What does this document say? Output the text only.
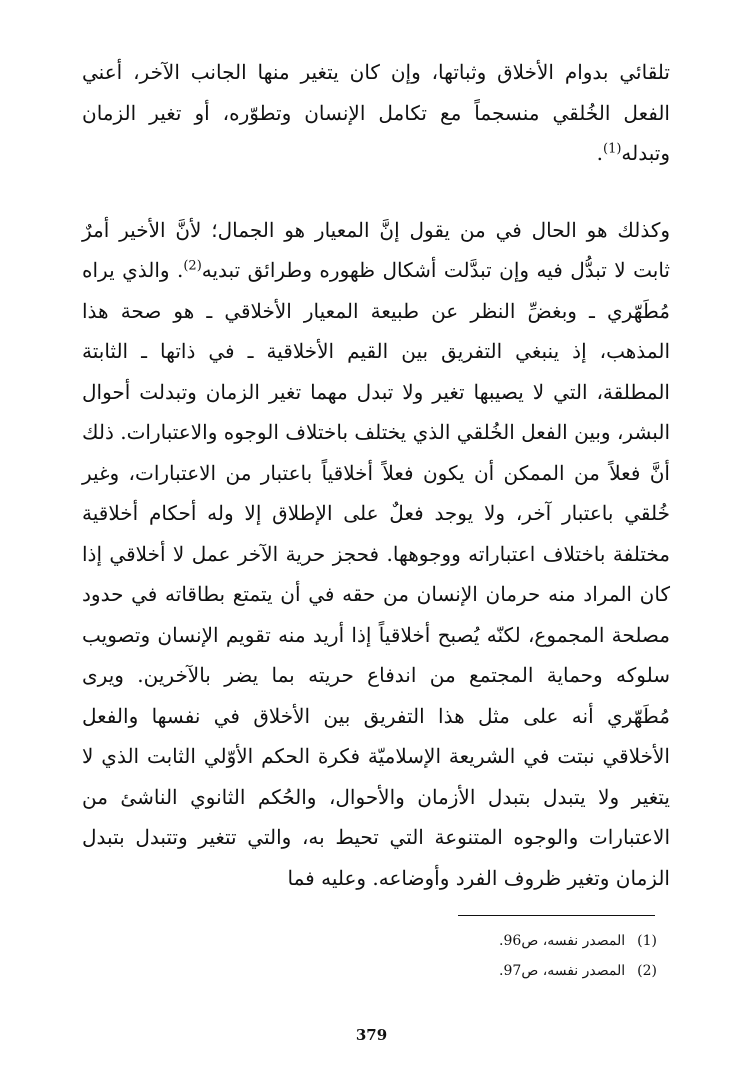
تلقائي بدوام الأخلاق وثباتها، وإن كان يتغير منها الجانب الآخر، أعني الفعل الخُلقي منسجماً مع تكامل الإنسان وتطوّره، أو تغير الزمان وتبدله$^{(1)}$.

وكذلك هو الحال في من يقول إنَّ المعيار هو الجمال؛ لأنَّ الأخير أمرٌ ثابت لا تبدُّل فيه وإن تبدَّلت أشكال ظهوره وطرائق تبديه$^{(2)}$. والذي يراه مُطَهّري ـ وبغضِّ النظر عن طبيعة المعيار الأخلاقي ـ هو صحة هذا المذهب، إذ ينبغي التفريق بين القيم الأخلاقية ـ في ذاتها ـ الثابتة المطلقة، التي لا يصيبها تغير ولا تبدل مهما تغير الزمان وتبدلت أحوال البشر، وبين الفعل الخُلقي الذي يختلف باختلاف الوجوه والاعتبارات. ذلك أنَّ فعلاً من الممكن أن يكون فعلاً أخلاقياً باعتبار من الاعتبارات، وغير خُلقي باعتبار آخر، ولا يوجد فعلٌ على الإطلاق إلا وله أحكام أخلاقية مختلفة باختلاف اعتباراته ووجوهها. فحجز حرية الآخر عمل لا أخلاقي إذا كان المراد منه حرمان الإنسان من حقه في أن يتمتع بطاقاته في حدود مصلحة المجموع، لكنّه يُصبح أخلاقياً إذا أريد منه تقويم الإنسان وتصويب سلوكه وحماية المجتمع من اندفاع حريته بما يضر بالآخرين. ويرى مُطَهّري أنه على مثل هذا التفريق بين الأخلاق في نفسها والفعل الأخلاقي نبتت في الشريعة الإسلاميّة فكرة الحكم الأوّلي الثابت الذي لا يتغير ولا يتبدل بتبدل الأزمان والأحوال، والحُكم الثانوي الناشئ من الاعتبارات والوجوه المتنوعة التي تحيط به، والتي تتغير وتتبدل بتبدل الزمان وتغير ظروف الفرد وأوضاعه. وعليه فما

(1)المصدر نفسه، ص96.
(2)المصدر نفسه، ص97.
379
